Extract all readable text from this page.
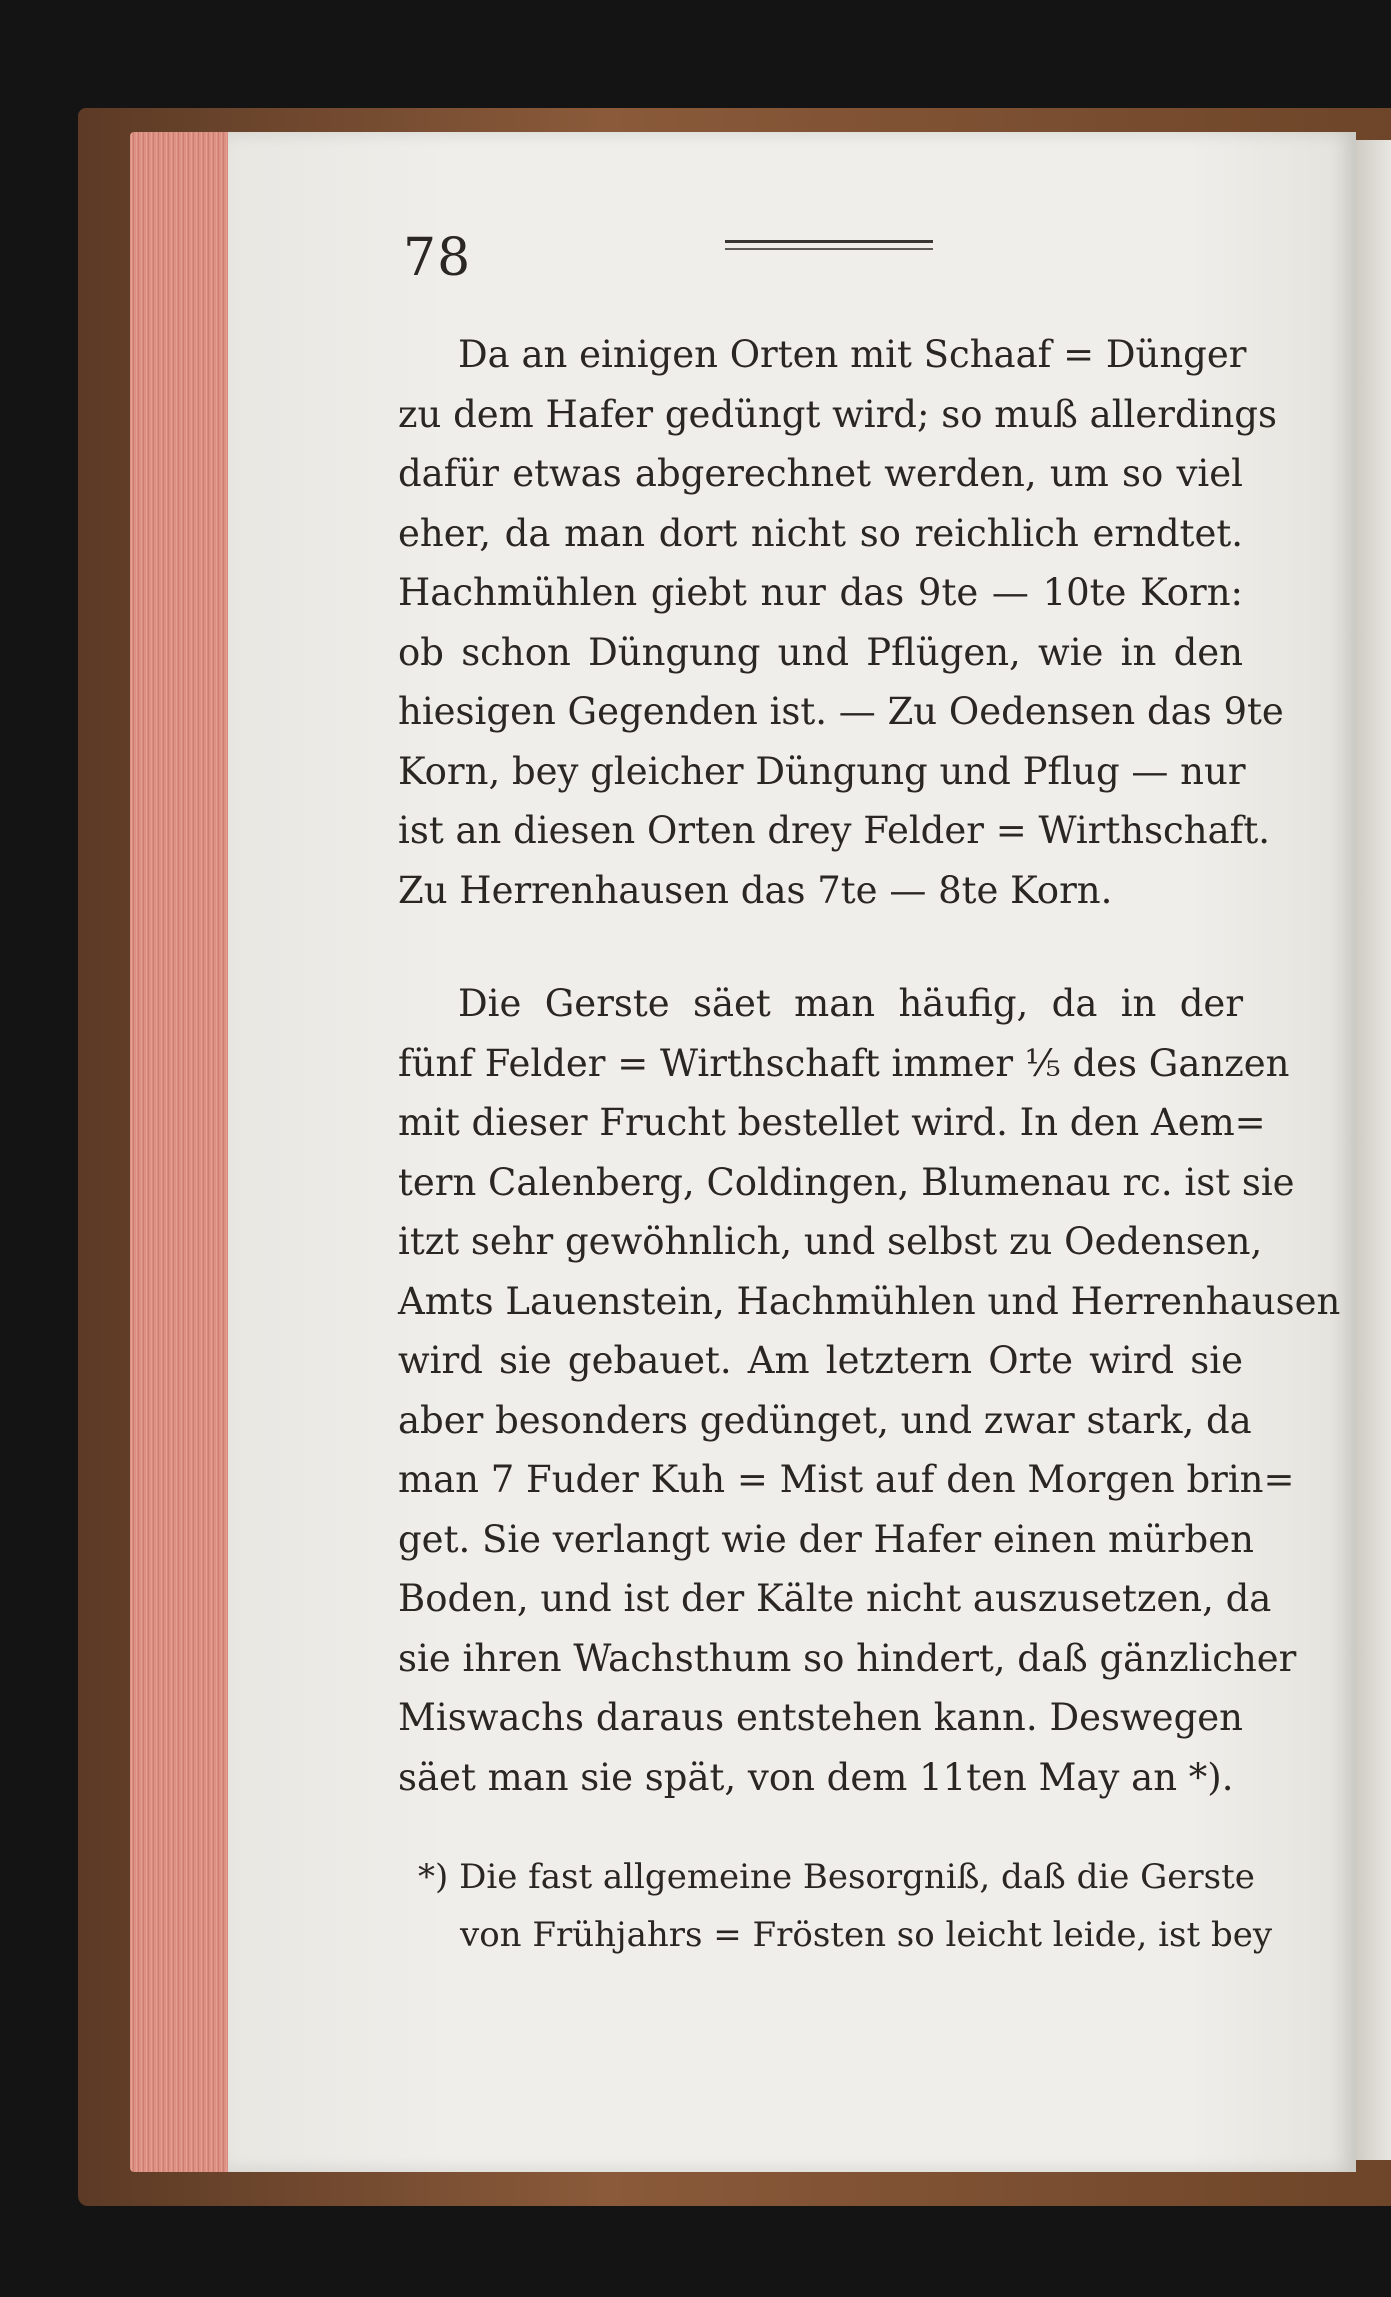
78
Da an einigen Orten mit Schaaf = Dünger
zu dem Hafer gedüngt wird; so muß allerdings
dafür etwas abgerechnet werden, um so viel
eher, da man dort nicht so reichlich erndtet.
Hachmühlen giebt nur das 9te — 10te Korn:
ob schon Düngung und Pflügen, wie in den
hiesigen Gegenden ist. — Zu Oedensen das 9te
Korn, bey gleicher Düngung und Pflug — nur
ist an diesen Orten drey Felder = Wirthschaft.
Zu Herrenhausen das 7te — 8te Korn.
Die Gerste säet man häufig, da in der
fünf Felder = Wirthschaft immer ⅕ des Ganzen
mit dieser Frucht bestellet wird. In den Aem=
tern Calenberg, Coldingen, Blumenau rc. ist sie
itzt sehr gewöhnlich, und selbst zu Oedensen,
Amts Lauenstein, Hachmühlen und Herrenhausen
wird sie gebauet. Am letztern Orte wird sie
aber besonders gedünget, und zwar stark, da
man 7 Fuder Kuh = Mist auf den Morgen brin=
get. Sie verlangt wie der Hafer einen mürben
Boden, und ist der Kälte nicht auszusetzen, da
sie ihren Wachsthum so hindert, daß gänzlicher
Miswachs daraus entstehen kann. Deswegen
säet man sie spät, von dem 11ten May an *).
*) Die fast allgemeine Besorgniß, daß die Gerste
von Frühjahrs = Frösten so leicht leide, ist bey
